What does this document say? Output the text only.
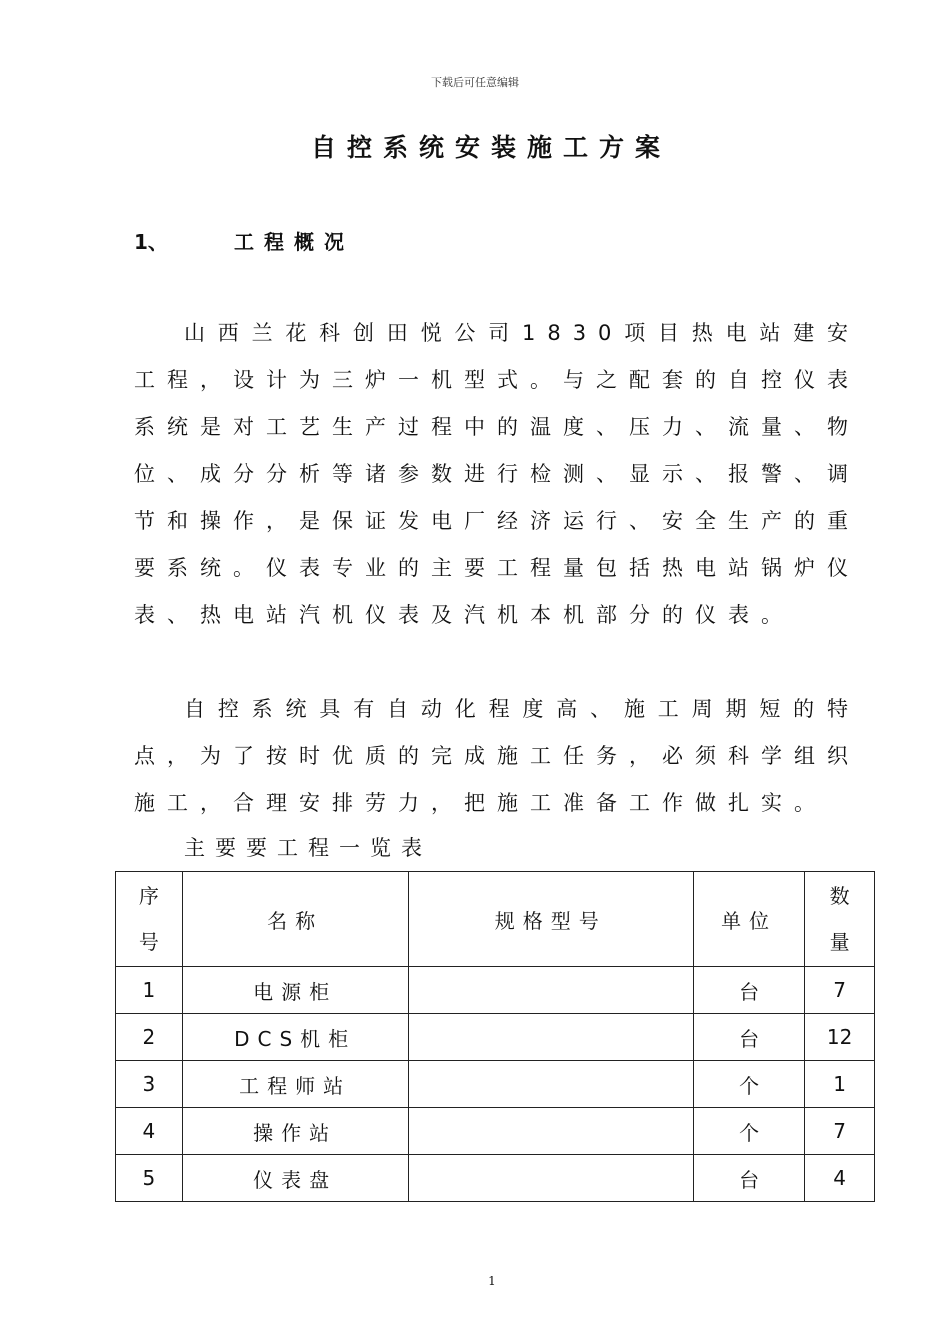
下载后可任意编辑
自控系统安装施工方案
1、	工程概况

山西兰花科创田悦公司1830项目热电站建安工程，设计为三炉一机型式。与之配套的自控仪表系统是对工艺生产过程中的温度、压力、流量、物位、成分分析等诸参数进行检测、显示、报警、调节和操作，是保证发电厂经济运行、安全生产的重要系统。仪表专业的主要工程量包括热电站锅炉仪表、热电站汽机仪表及汽机本机部分的仪表。

自控系统具有自动化程度高、施工周期短的特点，为了按时优质的完成施工任务，必须科学组织施工，合理安排劳力，把施工准备工作做扎实。

主要要工程一览表
序
号	名称	规格型号	单位	数
量
1	电源柜		台	7
2	DCS机柜		台	12
3	工程师站		个	1
4	操作站		个	7
5	仪表盘		台	4
1
